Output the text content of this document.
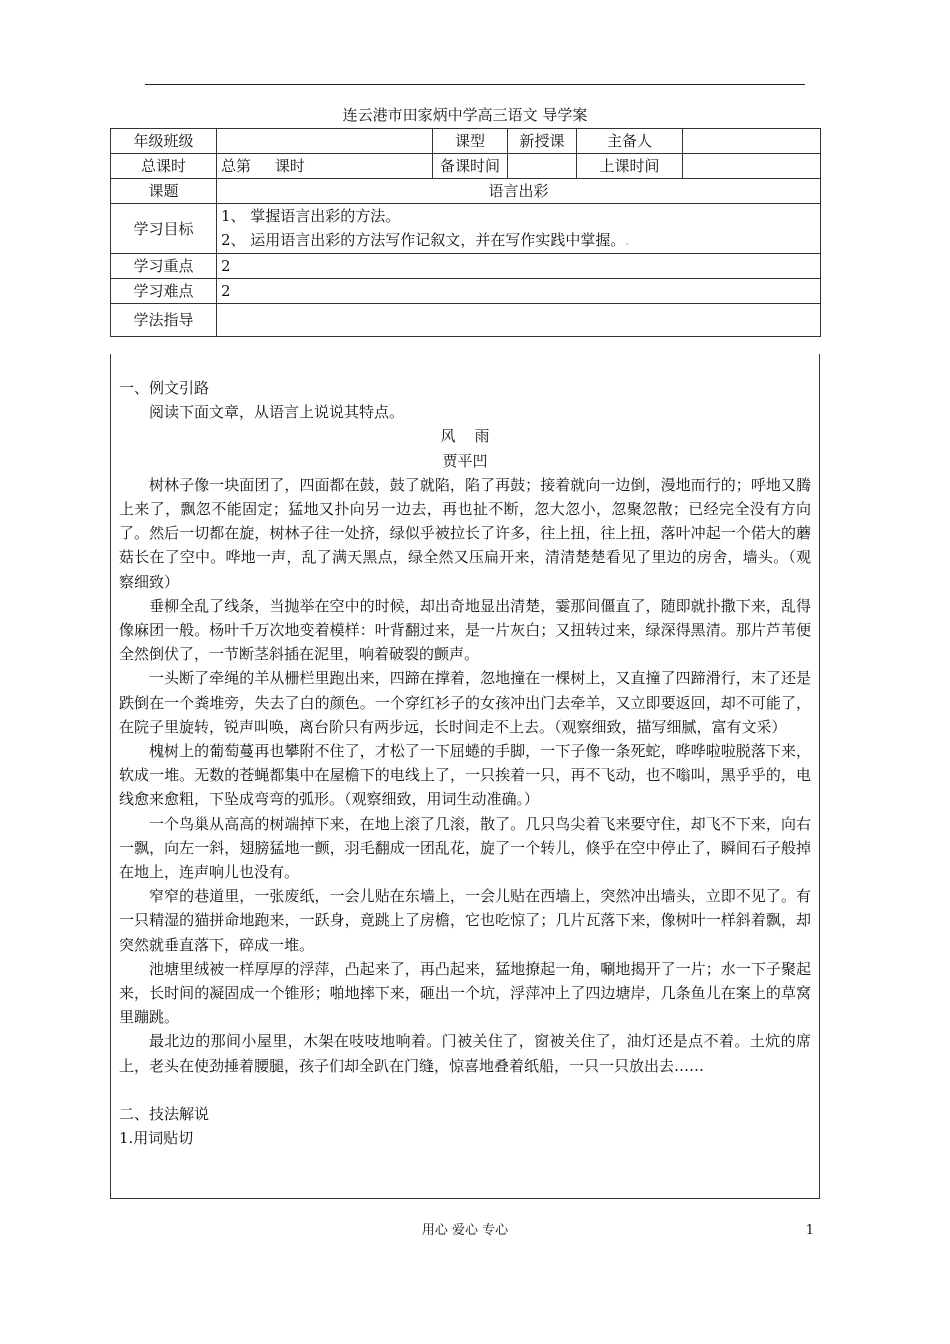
连云港市田家炳中学高三语文 导学案
年级班级		课型	新授课	主备人	
总课时	总第     课时	备课时间		上课时间	
课题	语言出彩				
学习目标	1、 掌握语言出彩的方法。
2、 运用语言出彩的方法写作记叙文，并在写作实践中掌握。.				

学习重点	2				
学习难点	2				
学法指导					

一、例文引路

阅读下面文章，从语言上说说其特点。

风    雨

贾平凹

树林子像一块面团了，四面都在鼓，鼓了就陷，陷了再鼓；接着就向一边倒，漫地而行的；呼地又腾上来了，飘忽不能固定；猛地又扑向另一边去，再也扯不断，忽大忽小，忽聚忽散；已经完全没有方向了。然后一切都在旋，树林子往一处挤，绿似乎被拉长了许多，往上扭，往上扭，落叶冲起一个偌大的蘑菇长在了空中。哗地一声，乱了满天黑点，绿全然又压扁开来，清清楚楚看见了里边的房舍，墙头。（观察细致）

垂柳全乱了线条，当抛举在空中的时候，却出奇地显出清楚，霎那间僵直了，随即就扑撒下来，乱得像麻团一般。杨叶千万次地变着模样：叶背翻过来，是一片灰白；又扭转过来，绿深得黑清。那片芦苇便全然倒伏了，一节断茎斜插在泥里，响着破裂的颤声。

一头断了牵绳的羊从栅栏里跑出来，四蹄在撑着，忽地撞在一棵树上，又直撞了四蹄滑行，末了还是跌倒在一个粪堆旁，失去了白的颜色。一个穿红衫子的女孩冲出门去牵羊，又立即要返回，却不可能了，在院子里旋转，锐声叫唤，离台阶只有两步远，长时间走不上去。（观察细致，描写细腻，富有文采）

槐树上的葡萄蔓再也攀附不住了，才松了一下屈蜷的手脚，一下子像一条死蛇，哗哗啦啦脱落下来，软成一堆。无数的苍蝇都集中在屋檐下的电线上了，一只挨着一只，再不飞动，也不嗡叫，黑乎乎的，电线愈来愈粗，下坠成弯弯的弧形。（观察细致，用词生动准确。）

一个鸟巢从高高的树端掉下来，在地上滚了几滚，散了。几只鸟尖着飞来要守住，却飞不下来，向右一飘，向左一斜，翅膀猛地一颤，羽毛翻成一团乱花，旋了一个转儿，倏乎在空中停止了，瞬间石子般掉在地上，连声响儿也没有。

窄窄的巷道里，一张废纸，一会儿贴在东墙上，一会儿贴在西墙上，突然冲出墙头，立即不见了。有一只精湿的猫拼命地跑来，一跃身，竟跳上了房檐，它也吃惊了；几片瓦落下来，像树叶一样斜着飘，却突然就垂直落下，碎成一堆。

池塘里绒被一样厚厚的浮萍，凸起来了，再凸起来，猛地撩起一角，唰地揭开了一片；水一下子聚起来，长时间的凝固成一个锥形；啪地摔下来，砸出一个坑，浮萍冲上了四边塘岸，几条鱼儿在案上的草窝里蹦跳。

最北边的那间小屋里，木架在吱吱地响着。门被关住了，窗被关住了，油灯还是点不着。土炕的席上，老头在使劲捶着腰腿，孩子们却全趴在门缝，惊喜地叠着纸船，一只一只放出去……

二、技法解说

1.用词贴切

用心 爱心 专心	1
